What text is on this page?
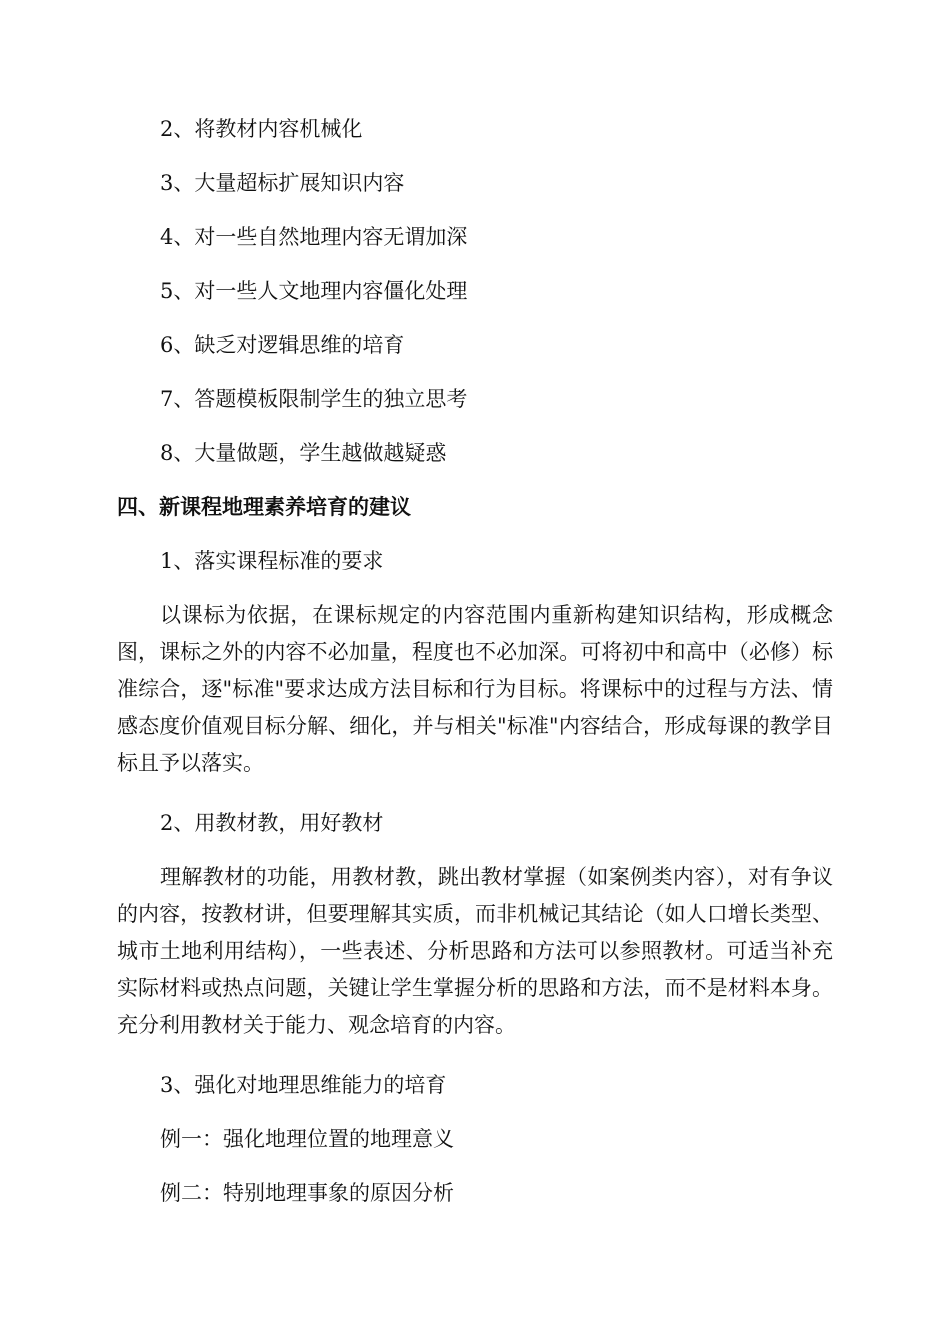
2、将教材内容机械化
3、大量超标扩展知识内容
4、对一些自然地理内容无谓加深
5、对一些人文地理内容僵化处理
6、缺乏对逻辑思维的培育
7、答题模板限制学生的独立思考
8、大量做题，学生越做越疑惑
四、新课程地理素养培育的建议
1、落实课程标准的要求
以课标为依据，在课标规定的内容范围内重新构建知识结构，形成概念图，课标之外的内容不必加量，程度也不必加深。可将初中和高中（必修）标准综合，逐"标准"要求达成方法目标和行为目标。将课标中的过程与方法、情感态度价值观目标分解、细化，并与相关"标准"内容结合，形成每课的教学目标且予以落实。
2、用教材教，用好教材
理解教材的功能，用教材教，跳出教材掌握（如案例类内容），对有争议的内容，按教材讲，但要理解其实质，而非机械记其结论（如人口增长类型、城市土地利用结构），一些表述、分析思路和方法可以参照教材。可适当补充实际材料或热点问题，关键让学生掌握分析的思路和方法，而不是材料本身。充分利用教材关于能力、观念培育的内容。
3、强化对地理思维能力的培育
例一：强化地理位置的地理意义
例二：特别地理事象的原因分析
